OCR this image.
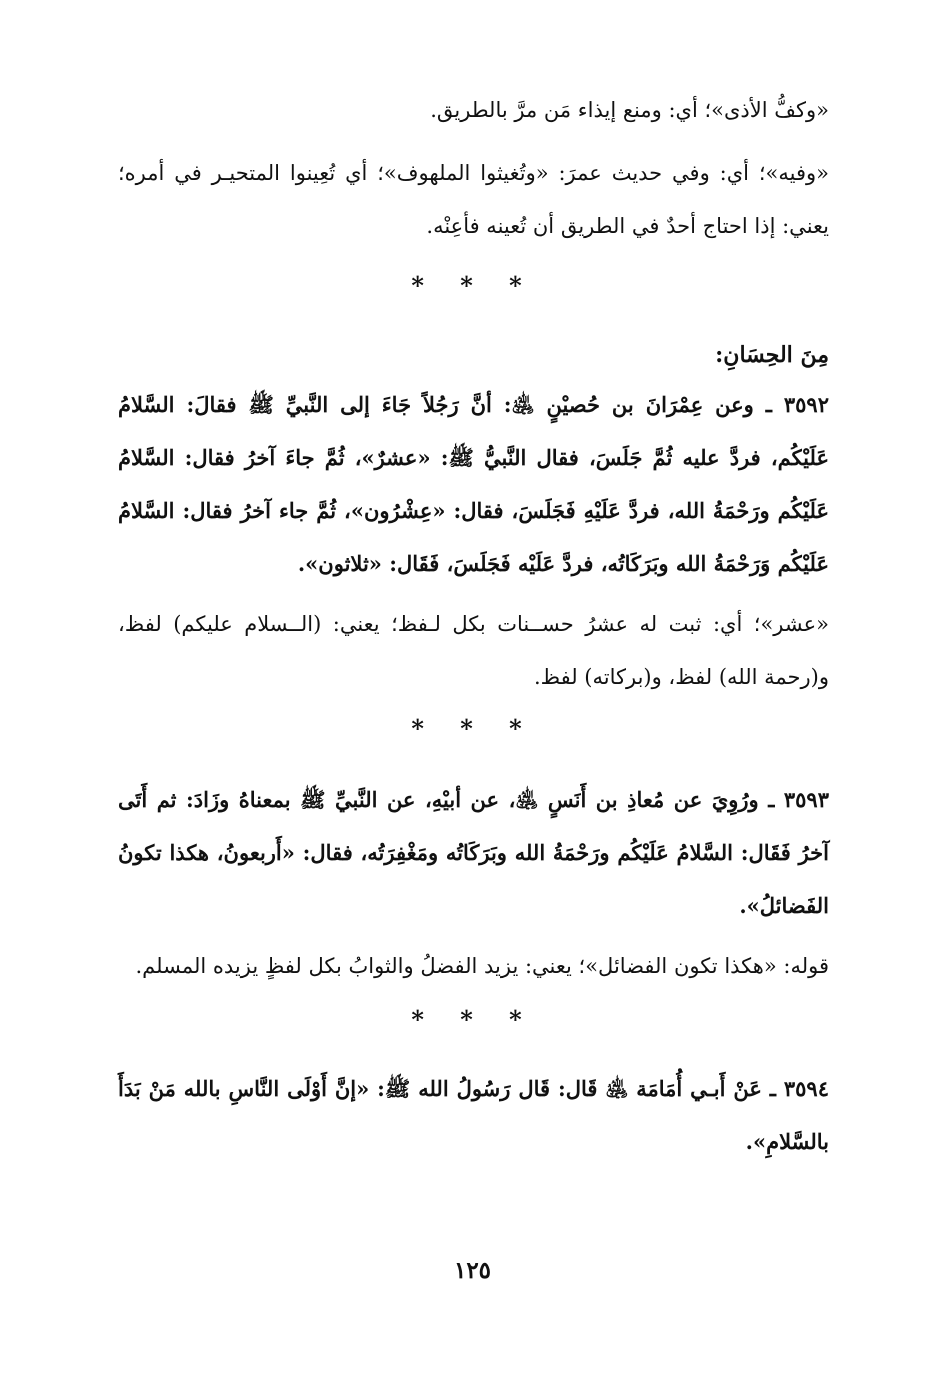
«وكفُّ الأذى»؛ أي: ومنع إيذاء مَن مرَّ بالطريق.

«وفيه»؛ أي: وفي حديث عمرَ: «وتُغيثوا الملهوف»؛ أي تُعِينوا المتحيـر في أمره؛ يعني: إذا احتاج أحدٌ في الطريق أن تُعينه فأعِنْه.

* * *

مِنَ الحِسَانِ:

٣٥٩٢ ـ وعن عِمْرَانَ بن حُصيْنٍ ﵁: أنَّ رَجُلاً جَاءَ إلى النَّبيِّ ﷺ فقالَ: السَّلامُ عَلَيْكُم، فردَّ عليه ثُمَّ جَلَسَ، فقال النَّبيُّ ﷺ: «عشرٌ»، ثُمَّ جاءَ آخرُ فقال: السَّلامُ عَلَيْكُم ورَحْمَةُ الله، فردَّ عَلَيْهِ فَجَلَسَ، فقال: «عِشْرُون»، ثُمَّ جاء آخرُ فقال: السَّلامُ عَلَيْكُم وَرَحْمَةُ الله وبَرَكَاتُه، فردَّ عَلَيْه فَجَلَسَ، فَقَال: «ثلاثون».

«عشر»؛ أي: ثبت له عشرُ حســنات بكل لـفظ؛ يعني: (الــسلام عليكم) لفظ، و(رحمة الله) لفظ، و(بركاته) لفظ.

* * *

٣٥٩٣ ـ ورُوِيَ عن مُعاذِ بن أَنَسٍ ﵁، عن أبيْهِ، عن النَّبيِّ ﷺ بمعناهُ وزَادَ: ثم أَتَى آخرُ فَقَال: السَّلامُ عَلَيْكُم ورَحْمَةُ الله وبَرَكَاتُه ومَغْفِرَتُه، فقال: «أَربعونُ، هكذا تكونُ الفَضائلُ».

قوله: «هكذا تكون الفضائل»؛ يعني: يزيد الفضلُ والثوابُ بكل لفظٍ يزيده المسلم.

* * *

٣٥٩٤ ـ عَنْ أَبـي أُمَامَة ﵁ قَال: قَال رَسُولُ الله ﷺ: «إنَّ أَوْلَى النَّاسِ بالله مَنْ بَدَأَ بالسَّلامِ».

١٢٥
